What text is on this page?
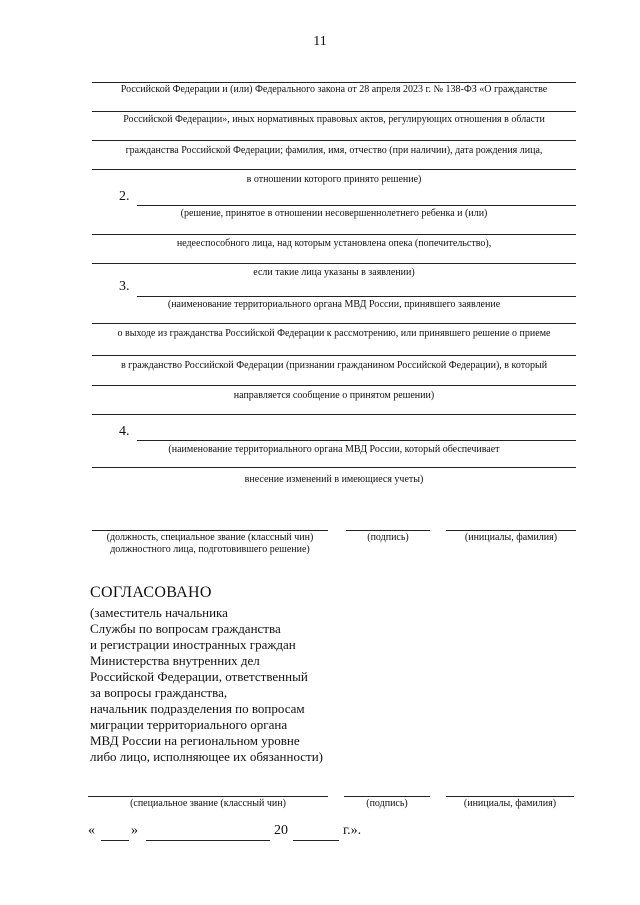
11
Российской Федерации и (или) Федерального закона от 28 апреля 2023 г. № 138-ФЗ «О гражданстве
Российской Федерации», иных нормативных правовых актов, регулирующих отношения в области
гражданства Российской Федерации; фамилия, имя, отчество (при наличии), дата рождения лица,
в отношении которого принято решение)
2.
(решение, принятое в отношении несовершеннолетнего ребенка и (или)
недееспособного лица, над которым установлена опека (попечительство),
если такие лица указаны в заявлении)
3.
(наименование территориального органа МВД России, принявшего заявление
о выходе из гражданства Российской Федерации к рассмотрению, или принявшего решение о приеме
в гражданство Российской Федерации (признании гражданином Российской Федерации), в который
направляется сообщение о принятом решении)
4.
(наименование территориального органа МВД России, который обеспечивает
внесение изменений в имеющиеся учеты)
(должность, специальное звание (классный чин)
должностного лица, подготовившего решение)
(подпись)	(инициалы, фамилия)
СОГЛАСОВАНО
(заместитель начальника
Службы по вопросам гражданства
и регистрации иностранных граждан
Министерства внутренних дел
Российской Федерации, ответственный
за вопросы гражданства,
начальник подразделения по вопросам
миграции территориального органа
МВД России на региональном уровне
либо лицо, исполняющее их обязанности)
(специальное звание (классный чин)	(подпись)	(инициалы, фамилия)
«	»	20	г.».
